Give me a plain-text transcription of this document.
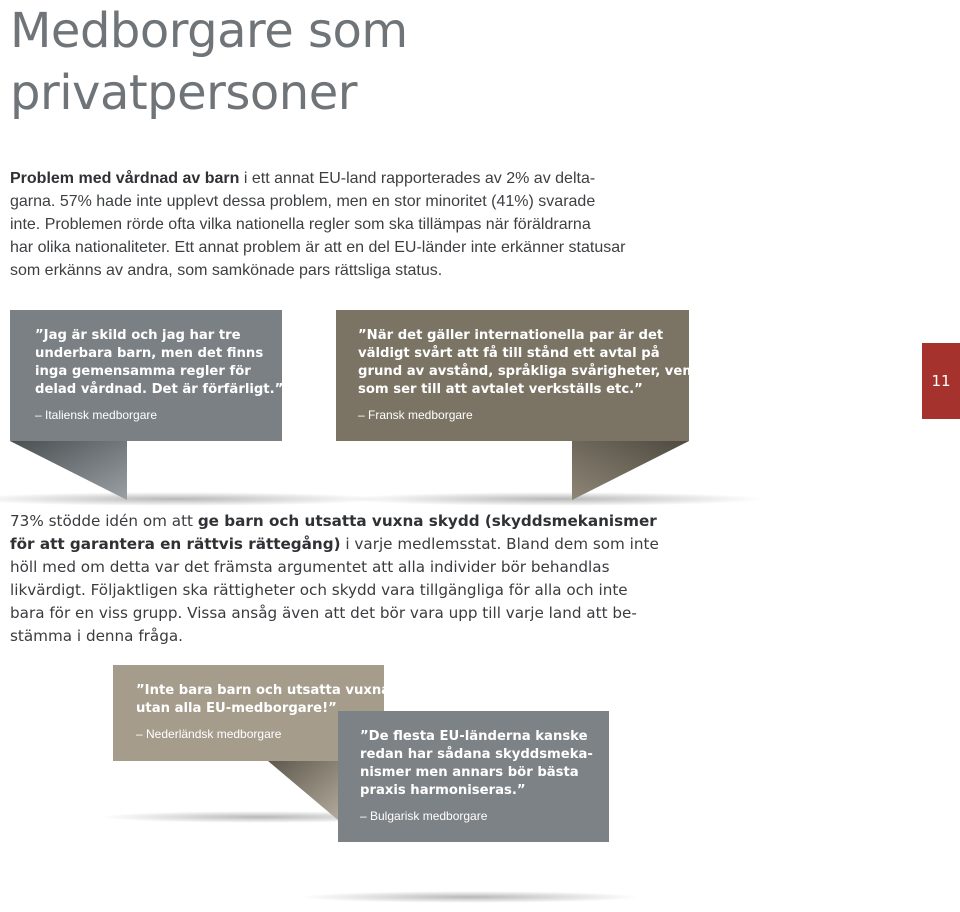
Medborgare som
privatpersoner

Problem med vårdnad av barn i ett annat EU-land rapporterades av 2% av delta-
garna. 57% hade inte upplevt dessa problem, men en stor minoritet (41%) svarade
inte. Problemen rörde ofta vilka nationella regler som ska tillämpas när föräldrarna
har olika nationaliteter. Ett annat problem är att en del EU-länder inte erkänner statusar
som erkänns av andra, som samkönade pars rättsliga status.

”Jag är skild och jag har tre
underbara barn, men det finns
inga gemensamma regler för
delad vårdnad. Det är förfärligt.”
– Italiensk medborgare
”När det gäller internationella par är det
väldigt svårt att få till stånd ett avtal på
grund av avstånd, språkliga svårigheter, vem
som ser till att avtalet verkställs etc.”
– Fransk medborgare
11

73% stödde idén om att ge barn och utsatta vuxna skydd (skyddsmekanismer
för att garantera en rättvis rättegång) i varje medlemsstat. Bland dem som inte
höll med om detta var det främsta argumentet att alla individer bör behandlas
likvärdigt. Följaktligen ska rättigheter och skydd vara tillgängliga för alla och inte
bara för en viss grupp. Vissa ansåg även att det bör vara upp till varje land att be-
stämma i denna fråga.

”Inte bara barn och utsatta vuxna
utan alla EU-medborgare!”
– Nederländsk medborgare	”De flesta EU-länderna kanske
redan har sådana skyddsmeka-
nismer men annars bör bästa
praxis harmoniseras.”
– Bulgarisk medborgare
